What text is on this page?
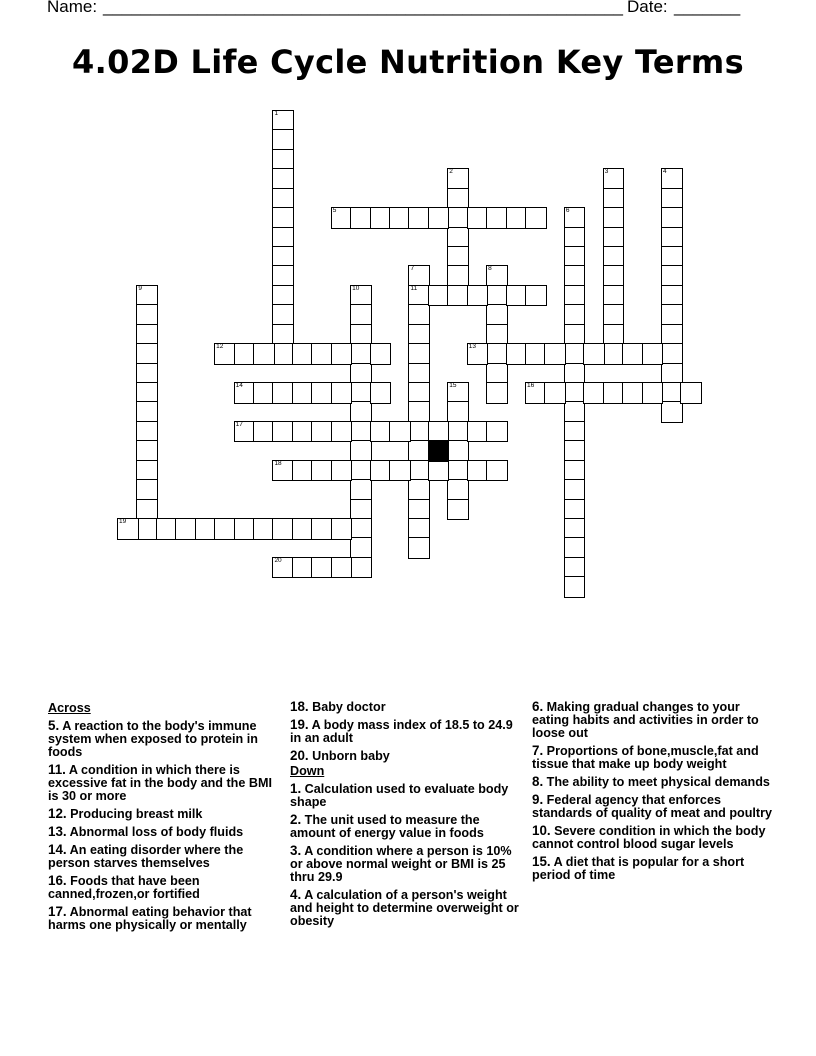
Name: _______________________________________________________ Date: _______
4.02D Life Cycle Nutrition Key Terms
1
2	3	4
5	6
7
11
8
9	10
12	13
14	15	16
17
18
19
20
Across
5. A reaction to the body's immune system when exposed to protein in foods
11. A condition in which there is excessive fat in the body and the BMI is 30 or more
12. Producing breast milk
13. Abnormal loss of body fluids
14. An eating disorder where the person starves themselves
16. Foods that have been canned,frozen,or fortified
17. Abnormal eating behavior that harms one physically or mentally
18. Baby doctor
19. A body mass index of 18.5 to 24.9 in an adult
20. Unborn baby
Down
1. Calculation used to evaluate body shape
2. The unit used to measure the amount of energy value in foods
3. A condition where a person is 10% or above normal weight or BMI is 25 thru 29.9
4. A calculation of a person's weight and height to determine overweight or obesity
6. Making gradual changes to your eating habits and activities in order to loose out
7. Proportions of bone,muscle,fat and tissue that make up body weight
8. The ability to meet physical demands
9. Federal agency that enforces standards of quality of meat and poultry
10. Severe condition in which the body cannot control blood sugar levels
15. A diet that is popular for a short period of time
